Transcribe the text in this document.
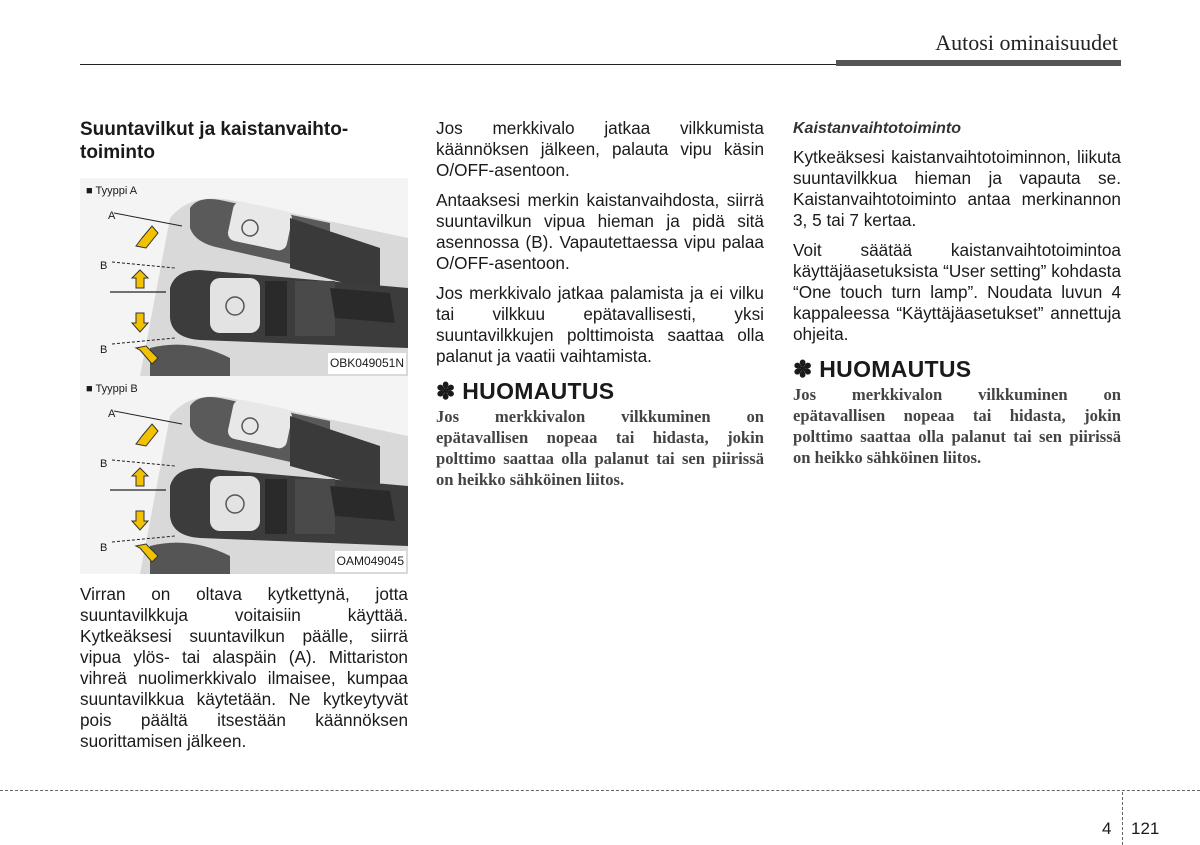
Autosi ominaisuudet
Suuntavilkut ja kaistanvaihto-toiminto
■ Tyyppi A
A
B
B
OBK049051N
■ Tyyppi B
A
B
B
OAM049045

Virran on oltava kytkettynä, jotta suuntavilkkuja voitaisiin käyttää. Kytkeäksesi suuntavilkun päälle, siirrä vipua ylös- tai alaspäin (A). Mittariston vihreä nuolimerkkivalo ilmaisee, kumpaa suuntavilkkua käytetään. Ne kytkeytyvät pois päältä itsestään käännöksen suorittamisen jälkeen.

Jos merkkivalo jatkaa vilkkumista käännöksen jälkeen, palauta vipu käsin O/OFF-asentoon.

Antaaksesi merkin kaistanvaihdosta, siirrä suuntavilkun vipua hieman ja pidä sitä asennossa (B). Vapautettaessa vipu palaa O/OFF-asentoon.

Jos merkkivalo jatkaa palamista ja ei vilku tai vilkkuu epätavallisesti, yksi suuntavilkkujen polttimoista saattaa olla palanut ja vaatii vaihtamista.

✽ HUOMAUTUS

Jos merkkivalon vilkkuminen on epätavallisen nopeaa tai hidasta, jokin polttimo saattaa olla palanut tai sen piirissä on heikko sähköinen liitos.

Kaistanvaihtotoiminto

Kytkeäksesi kaistanvaihtotoiminnon, liikuta suuntavilkkua hieman ja vapauta se. Kaistanvaihtotoiminto antaa merkinannon 3, 5 tai 7 kertaa.

Voit säätää kaistanvaihtotoimintoa käyttäjäasetuksista “User setting” kohdasta “One touch turn lamp”. Noudata luvun 4 kappaleessa “Käyttäjäasetukset” annettuja ohjeita.

✽ HUOMAUTUS

Jos merkkivalon vilkkuminen on epätavallisen nopeaa tai hidasta, jokin polttimo saattaa olla palanut tai sen piirissä on heikko sähköinen liitos.

4 121
